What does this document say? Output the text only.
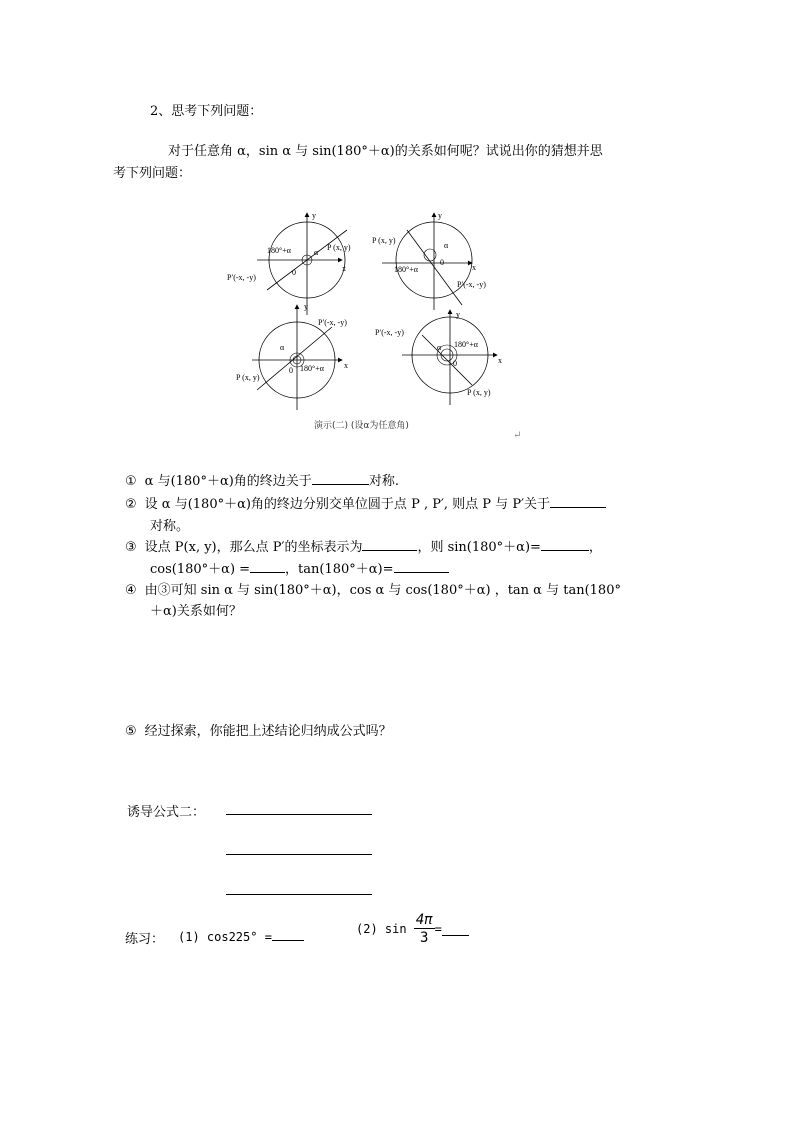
2、思考下列问题：
对于任意角 α，sin α 与 sin(180°＋α)的关系如何呢？试说出你的猜想并思
考下列问题：
y
x
0
180°+α	α
P (x, y)
P′(-x, -y)
y
x
0
180°+α
α
P (x, y)
P′(-x, -y)
y
x
0 180°+α
α
P (x, y)
P′(-x, -y)
y
x
0
180°+α
α
P (x, y)
P′(-x, -y)
演示(二) (设α为任意角)
↵
① α 与(180°＋α)角的终边关于	对称.
② 设 α 与(180°＋α)角的终边分别交单位圆于点 P , P′, 则点 P 与 P′关于
对称。
③ 设点 P(x, y)，那么点 P′的坐标表示为	，则 sin(180°＋α)=	，
cos(180°＋α) =	，tan(180°＋α)=
④ 由③可知 sin α 与 sin(180°＋α)，cos α 与 cos(180°＋α) ，tan α 与 tan(180°
＋α)关系如何？
⑤ 经过探索，你能把上述结论归纳成公式吗？
诱导公式二：
练习： (1) cos225° =
(2) $\sin \frac{4\pi}{3}$ =
